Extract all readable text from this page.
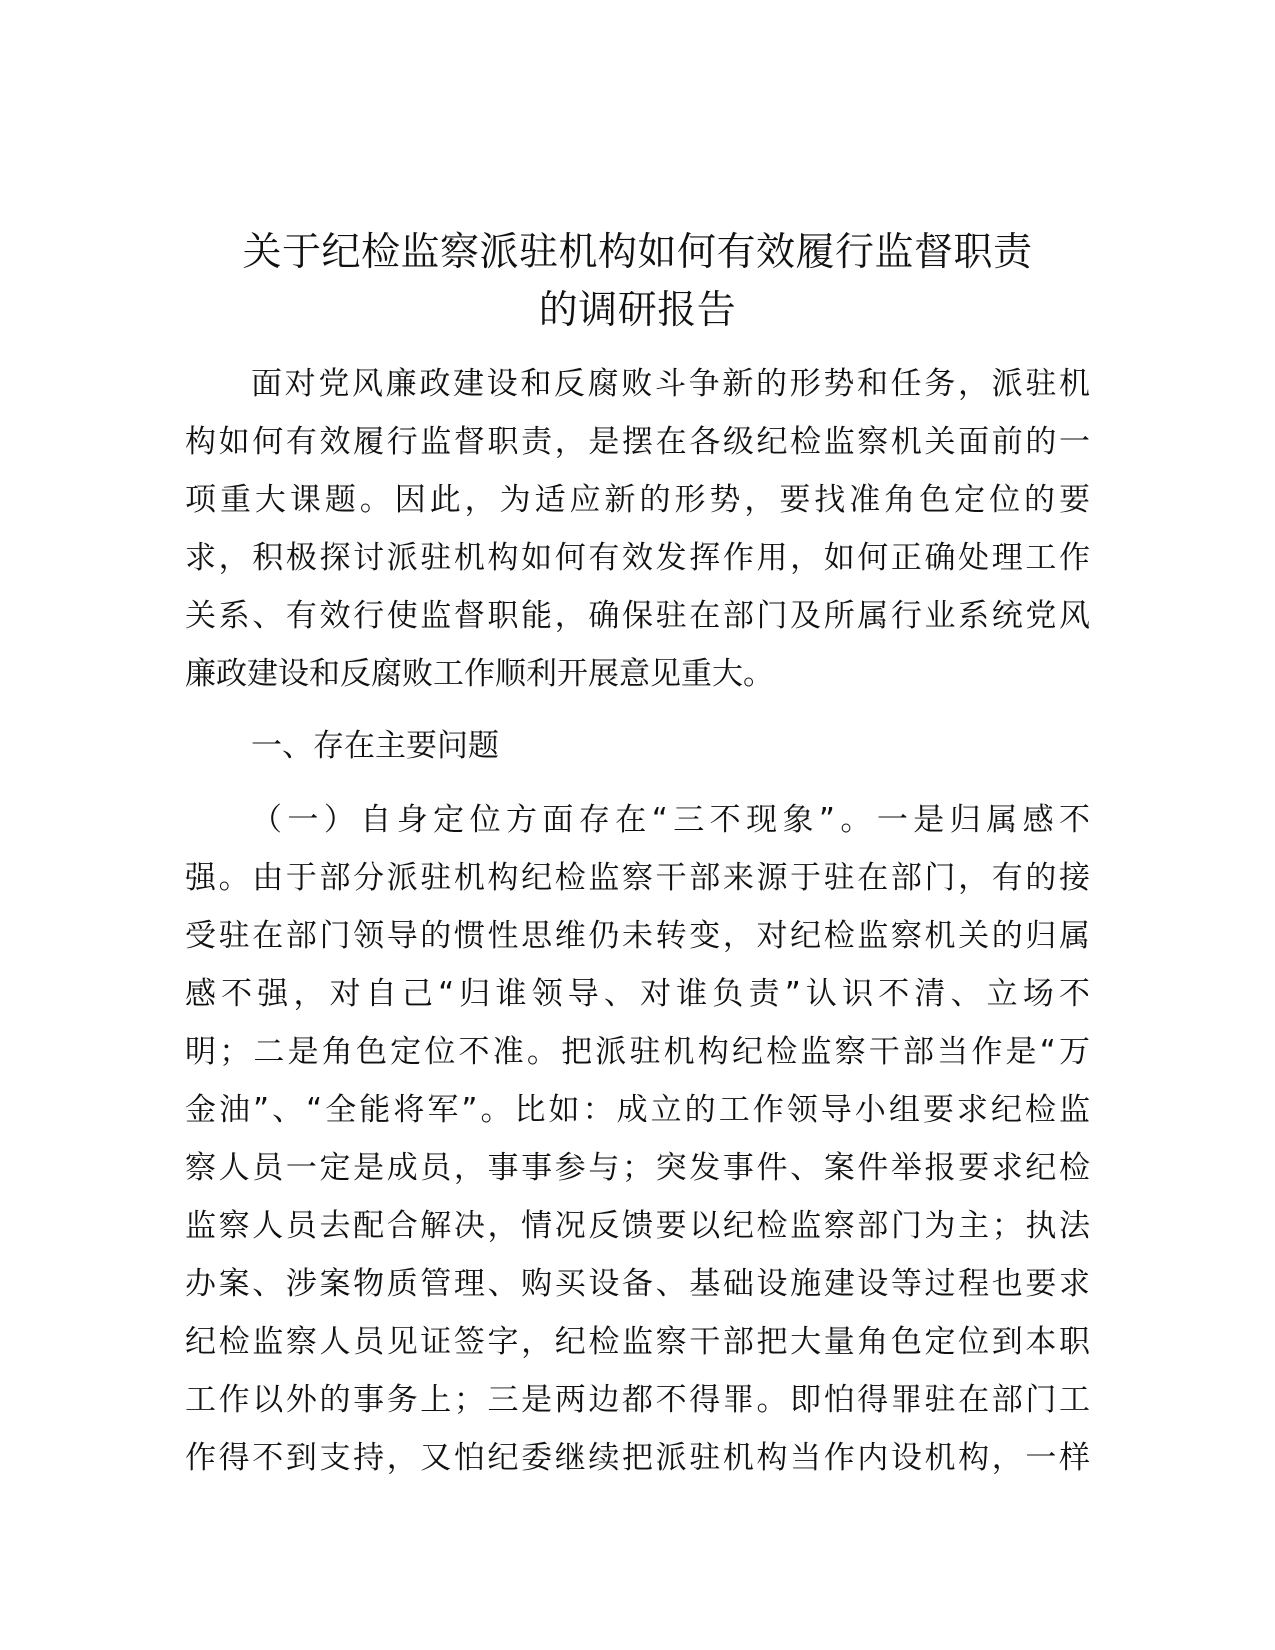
关于纪检监察派驻机构如何有效履行监督职责
的调研报告
面对党风廉政建设和反腐败斗争新的形势和任务，派驻机
构如何有效履行监督职责，是摆在各级纪检监察机关面前的一
项重大课题。因此，为适应新的形势，要找准角色定位的要
求，积极探讨派驻机构如何有效发挥作用，如何正确处理工作
关系、有效行使监督职能，确保驻在部门及所属行业系统党风
廉政建设和反腐败工作顺利开展意见重大。
一、存在主要问题
（一）自身定位方面存在“三不现象”。一是归属感不
强。由于部分派驻机构纪检监察干部来源于驻在部门，有的接
受驻在部门领导的惯性思维仍未转变，对纪检监察机关的归属
感不强，对自己“归谁领导、对谁负责”认识不清、立场不
明；二是角色定位不准。把派驻机构纪检监察干部当作是“万
金油”、“全能将军”。比如：成立的工作领导小组要求纪检监
察人员一定是成员，事事参与；突发事件、案件举报要求纪检
监察人员去配合解决，情况反馈要以纪检监察部门为主；执法
办案、涉案物质管理、购买设备、基础设施建设等过程也要求
纪检监察人员见证签字，纪检监察干部把大量角色定位到本职
工作以外的事务上；三是两边都不得罪。即怕得罪驻在部门工
作得不到支持，又怕纪委继续把派驻机构当作内设机构，一样
